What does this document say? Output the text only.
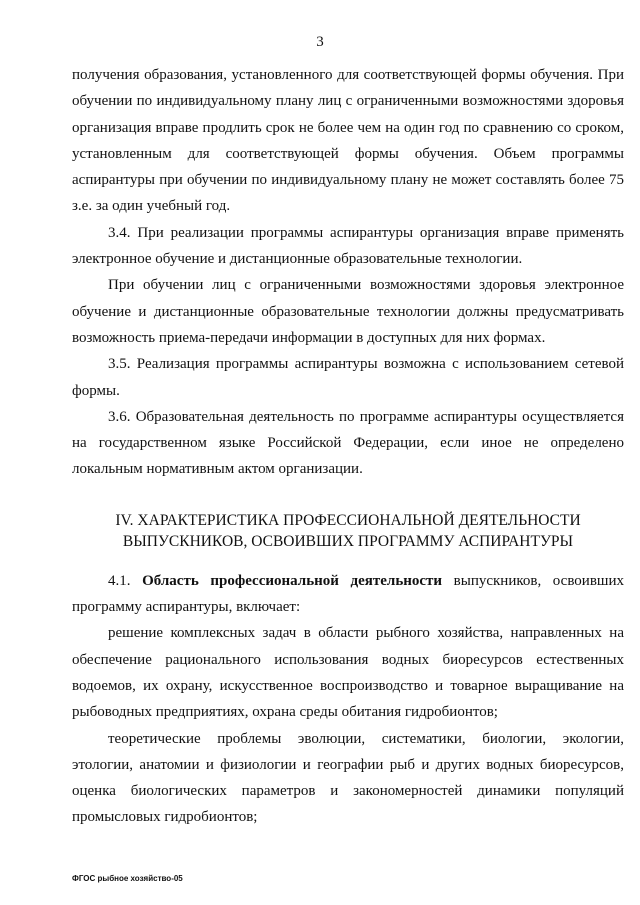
3

получения образования, установленного для соответствующей формы обучения. При обучении по индивидуальному плану лиц с ограниченными возможностями здоровья организация вправе продлить срок не более чем на один год по сравнению со сроком, установленным для соответствующей формы обучения. Объем программы аспирантуры при обучении по индивидуальному плану не может составлять более 75 з.е. за один учебный год.

3.4. При реализации программы аспирантуры организация вправе применять электронное обучение и дистанционные образовательные технологии.

При обучении лиц с ограниченными возможностями здоровья электронное обучение и дистанционные образовательные технологии должны предусматривать возможность приема-передачи информации в доступных для них формах.

3.5. Реализация программы аспирантуры возможна с использованием сетевой формы.

3.6. Образовательная деятельность по программе аспирантуры осуществляется на государственном языке Российской Федерации, если иное не определено локальным нормативным актом организации.

IV. ХАРАКТЕРИСТИКА ПРОФЕССИОНАЛЬНОЙ ДЕЯТЕЛЬНОСТИ
ВЫПУСКНИКОВ, ОСВОИВШИХ ПРОГРАММУ АСПИРАНТУРЫ

4.1. Область профессиональной деятельности выпускников, освоивших программу аспирантуры, включает:

решение комплексных задач в области рыбного хозяйства, направленных на обеспечение рационального использования водных биоресурсов естественных водоемов, их охрану, искусственное воспроизводство и товарное выращивание на рыбоводных предприятиях, охрана среды обитания гидробионтов;

теоретические проблемы эволюции, систематики, биологии, экологии, этологии, анатомии и физиологии и географии рыб и других водных биоресурсов, оценка биологических параметров и закономерностей динамики популяций промысловых гидробионтов;

ФГОС рыбное хозяйство-05
